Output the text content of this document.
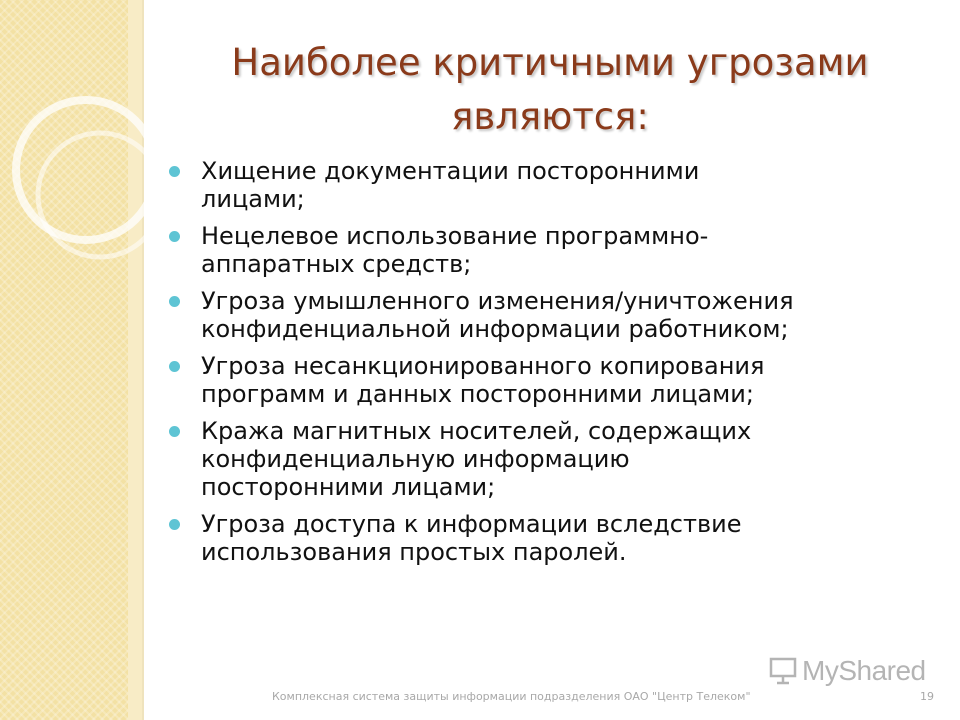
Наиболее критичными угрозами
являются:
Хищение документации посторонними
лицами;
Нецелевое использование программно-
аппаратных средств;
Угроза умышленного изменения/уничтожения
конфиденциальной информации работником;
Угроза несанкционированного копирования
программ и данных посторонними лицами;
Кража магнитных носителей, содержащих
конфиденциальную информацию
посторонними лицами;
Угроза доступа к информации вследствие
использования простых паролей.
MyShared
Комплексная система защиты информации подразделения ОАО "Центр Телеком"	19
